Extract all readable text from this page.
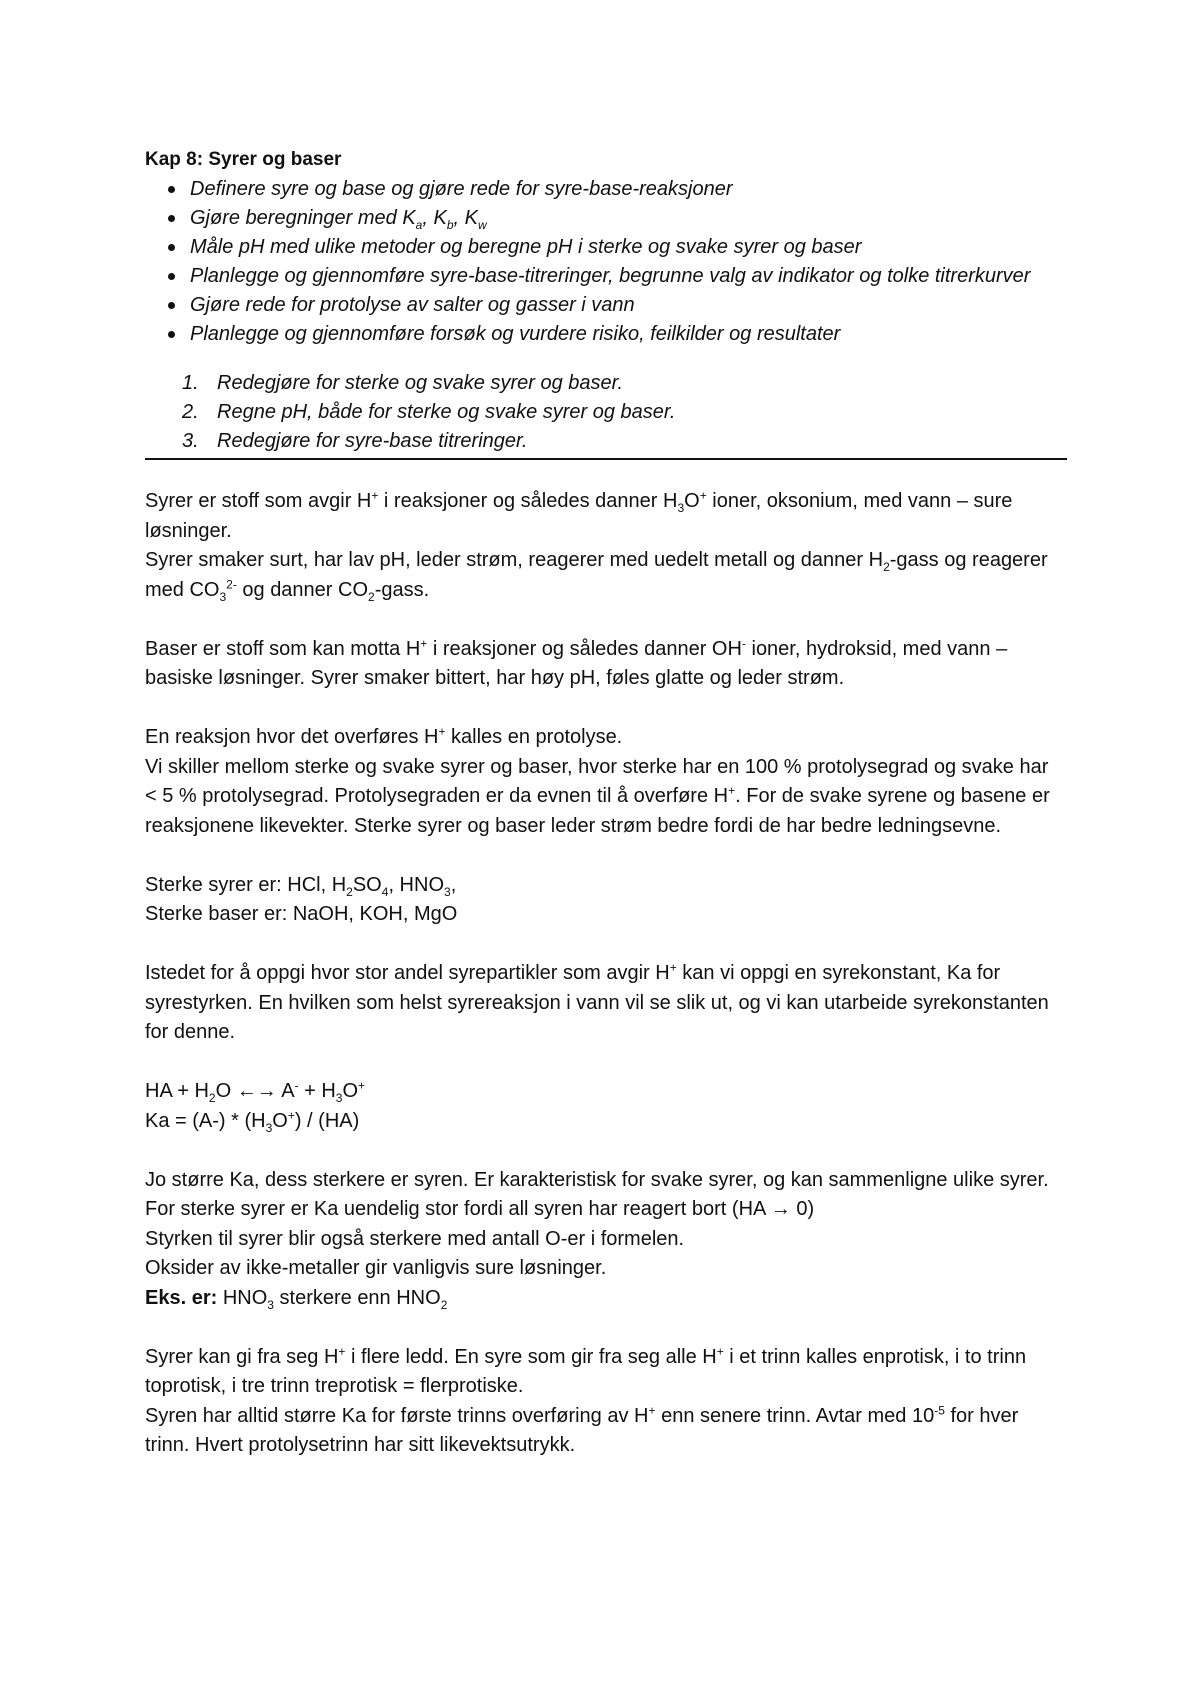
Kap 8: Syrer og baser

Definere syre og base og gjøre rede for syre-base-reaksjoner
Gjøre beregninger med $K_a$, $K_b$, $K_w$
Måle pH med ulike metoder og beregne pH i sterke og svake syrer og baser
Planlegge og gjennomføre syre-base-titreringer, begrunne valg av indikator og tolke titrerkurver
Gjøre rede for protolyse av salter og gasser i vann
Planlegge og gjennomføre forsøk og vurdere risiko, feilkilder og resultater
1. Redegjøre for sterke og svake syrer og baser.
2. Regne pH, både for sterke og svake syrer og baser.
3. Redegjøre for syre-base titreringer.

Syrer er stoff som avgir H+ i reaksjoner og således danner $H_3O^+$ ioner, oksonium, med vann – sure løsninger.

Syrer smaker surt, har lav pH, leder strøm, reagerer med uedelt metall og danner $H_2$-gass og reagerer med $CO_3^{2-}$ og danner $CO_2$-gass.

Baser er stoff som kan motta H+ i reaksjoner og således danner OH- ioner, hydroksid, med vann – basiske løsninger. Syrer smaker bittert, har høy pH, føles glatte og leder strøm.

En reaksjon hvor det overføres H+ kalles en protolyse.

Vi skiller mellom sterke og svake syrer og baser, hvor sterke har en 100 % protolysegrad og svake har < 5 % protolysegrad. Protolysegraden er da evnen til å overføre H+. For de svake syrene og basene er reaksjonene likevekter. Sterke syrer og baser leder strøm bedre fordi de har bedre ledningsevne.

Sterke syrer er: HCl, $H_2SO_4$, $HNO_3$,

Sterke baser er: NaOH, KOH, MgO

Istedet for å oppgi hvor stor andel syrepartikler som avgir H+ kan vi oppgi en syrekonstant, Ka for syrestyrken. En hvilken som helst syrereaksjon i vann vil se slik ut, og vi kan utarbeide syrekonstanten for denne.

HA + $H_2O$ ←→ $A^- + H_3O^+$

$Ka = (A-) * (H_3O^+) / (HA)$

Jo større Ka, dess sterkere er syren. Er karakteristisk for svake syrer, og kan sammenligne ulike syrer. For sterke syrer er Ka uendelig stor fordi all syren har reagert bort (HA → 0)

Styrken til syrer blir også sterkere med antall O-er i formelen.

Oksider av ikke-metaller gir vanligvis sure løsninger.

Eks. er: $HNO_3$ sterkere enn $HNO_2$

Syrer kan gi fra seg H+ i flere ledd. En syre som gir fra seg alle H+ i et trinn kalles enprotisk, i to trinn toprotisk, i tre trinn treprotisk = flerprotiske.

Syren har alltid større Ka for første trinns overføring av H+ enn senere trinn. Avtar med $10^{-5}$ for hver trinn. Hvert protolysetrinn har sitt likevektsutrykk.
